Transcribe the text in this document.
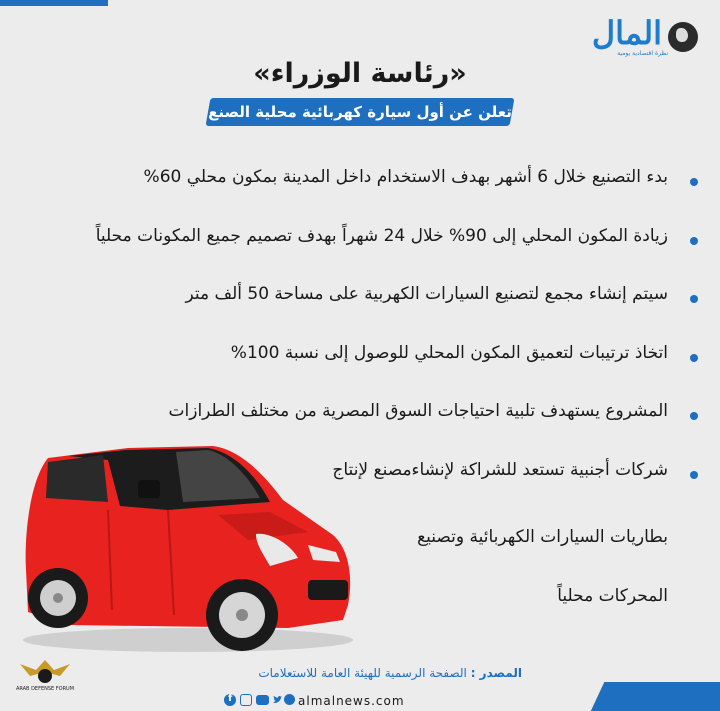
المال
نظرة اقتصادية يومية
«رئاسة الوزراء»
تعلن عن أول سيارة كهربائية محلية الصنع
بدء التصنيع خلال 6 أشهر بهدف الاستخدام داخل المدينة بمكون محلي 60%
زيادة المكون المحلي إلى 90% خلال 24 شهراً بهدف تصميم جميع المكونات محلياً
سيتم إنشاء مجمع لتصنيع السيارات الكهربية على مساحة 50 ألف متر
اتخاذ ترتيبات لتعميق المكون المحلي للوصول إلى نسبة 100%
المشروع يستهدف تلبية احتياجات السوق المصرية من مختلف الطرازات
شركات أجنبية تستعد للشراكة لإنشاءمصنع لإنتاج
بطاريات السيارات الكهربائية وتصنيع
المحركات محلياً
المصدر : الصفحة الرسمية للهيئة العامة للاستعلامات
f	almalnews.com
ARAB DEFENSE FORUM
